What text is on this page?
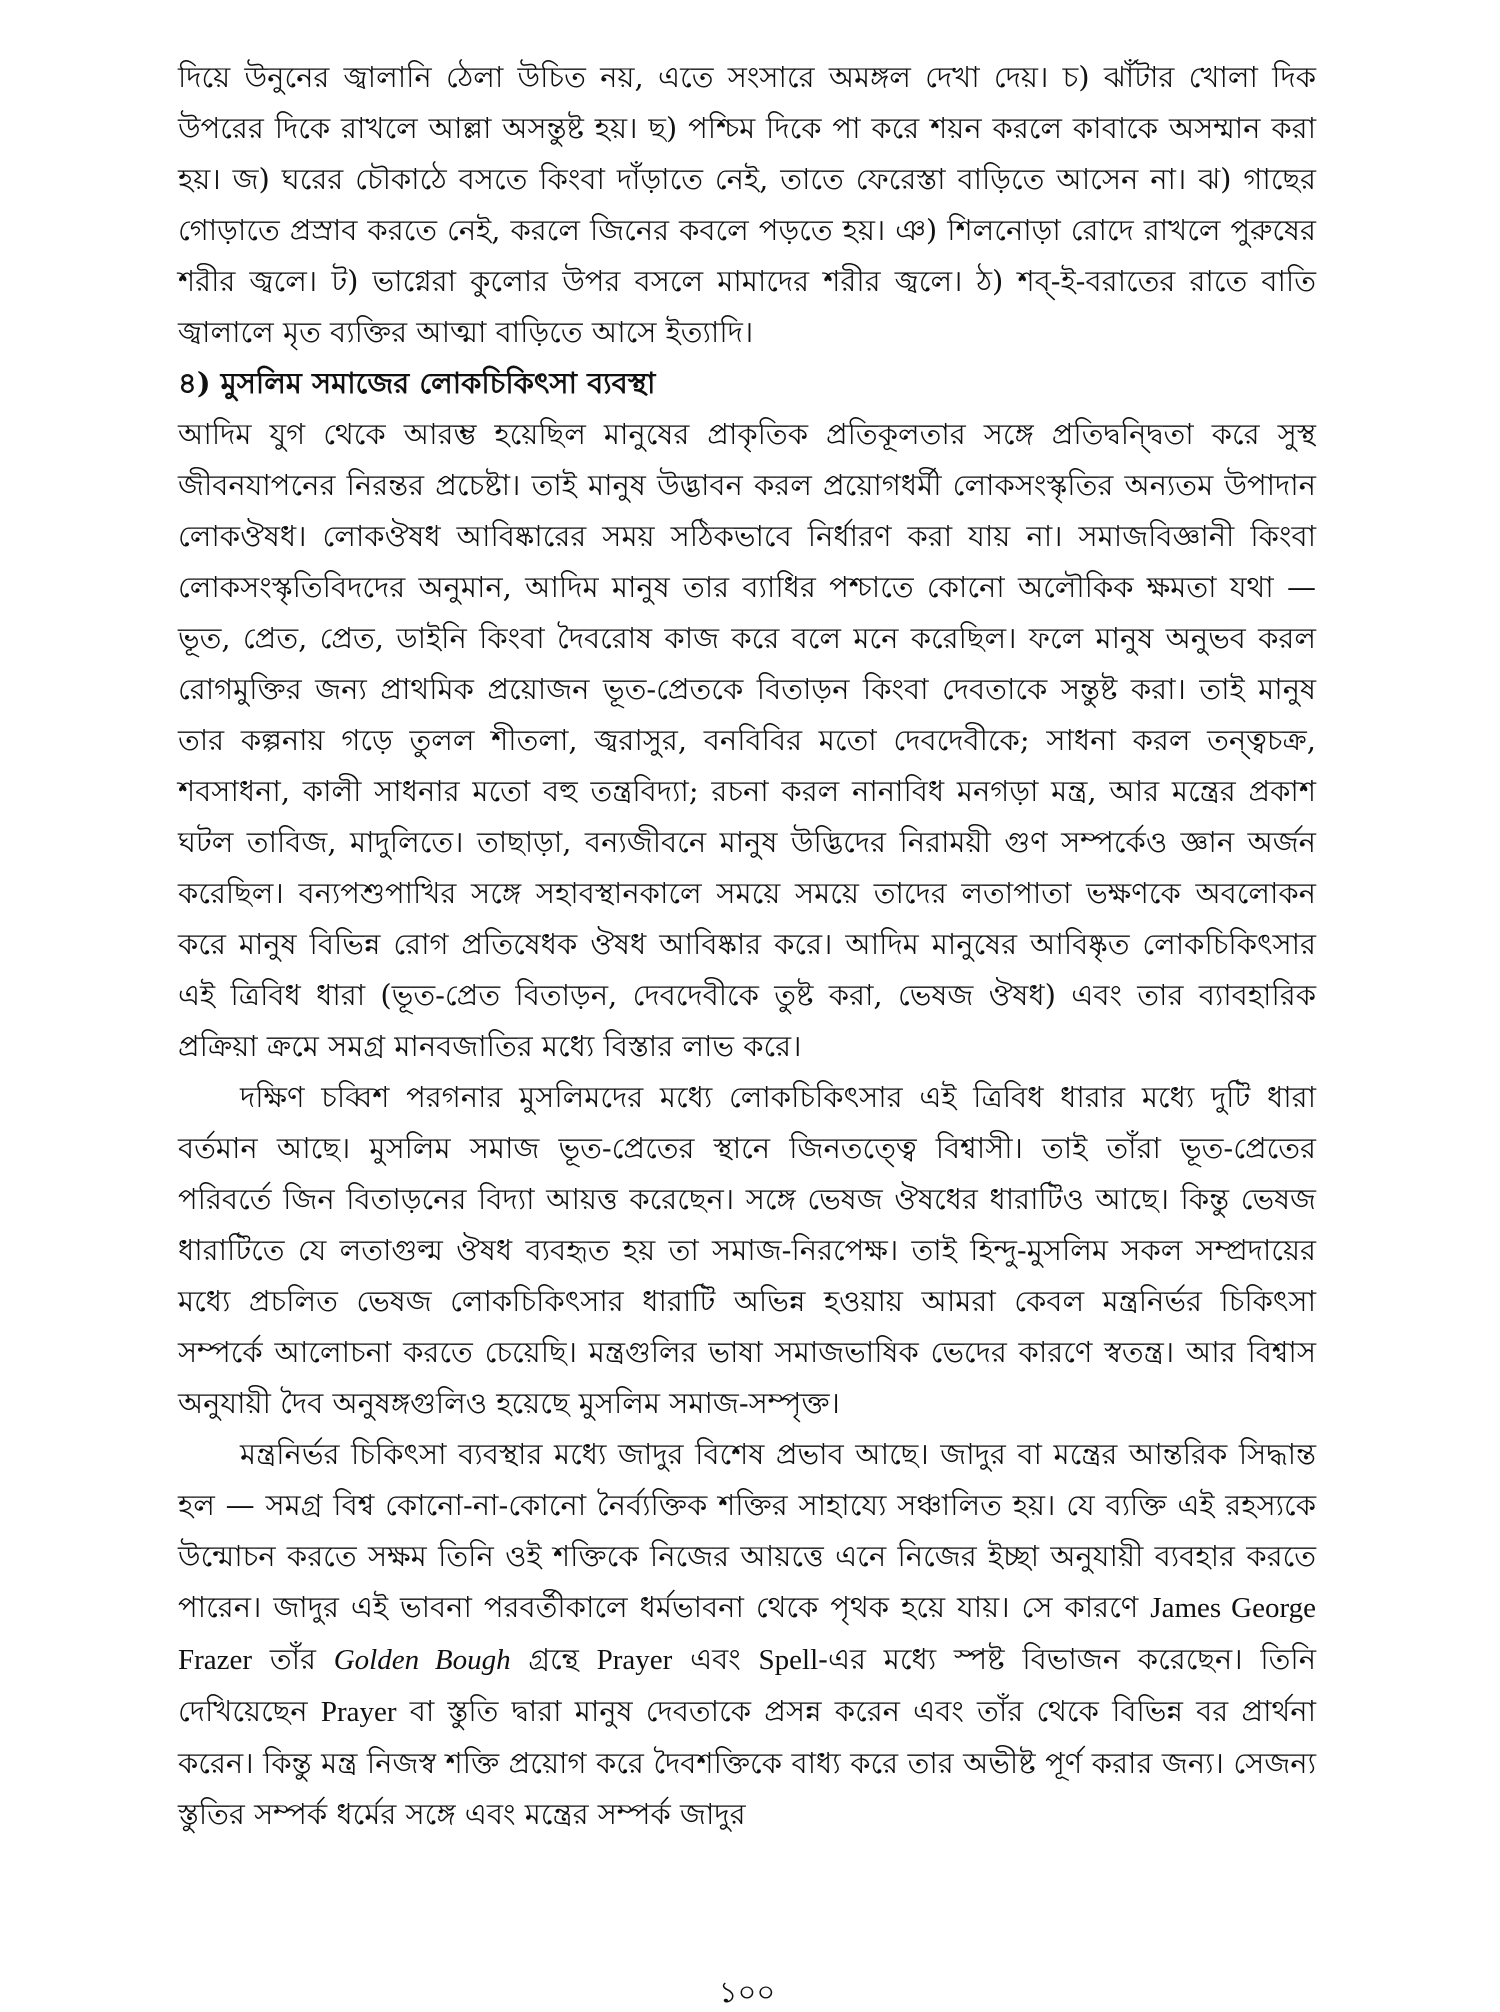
দিয়ে উনুনের জ্বালানি ঠেলা উচিত নয়, এতে সংসারে অমঙ্গল দেখা দেয়। চ) ঝাঁটার খোলা দিক উপরের দিকে রাখলে আল্লা অসন্তুষ্ট হয়। ছ) পশ্চিম দিকে পা করে শয়ন করলে কাবাকে অসম্মান করা হয়। জ) ঘরের চৌকাঠে বসতে কিংবা দাঁড়াতে নেই, তাতে ফেরেস্তা বাড়িতে আসেন না। ঝ) গাছের গোড়াতে প্রস্রাব করতে নেই, করলে জিনের কবলে পড়তে হয়। ঞ) শিলনোড়া রোদে রাখলে পুরুষের শরীর জ্বলে। ট) ভাগ্নেরা কুলোর উপর বসলে মামাদের শরীর জ্বলে। ঠ) শব্-ই-বরাতের রাতে বাতি জ্বালালে মৃত ব্যক্তির আত্মা বাড়িতে আসে ইত্যাদি।

৪) মুসলিম সমাজের লোকচিকিৎসা ব্যবস্থা

আদিম যুগ থেকে আরম্ভ হয়েছিল মানুষের প্রাকৃতিক প্রতিকূলতার সঙ্গে প্রতিদ্বন্দ্বিতা করে সুস্থ জীবনযাপনের নিরন্তর প্রচেষ্টা। তাই মানুষ উদ্ভাবন করল প্রয়োগধর্মী লোকসংস্কৃতির অন্যতম উপাদান লোকঔষধ। লোকঔষধ আবিষ্কারের সময় সঠিকভাবে নির্ধারণ করা যায় না। সমাজবিজ্ঞানী কিংবা লোকসংস্কৃতিবিদদের অনুমান, আদিম মানুষ তার ব্যাধির পশ্চাতে কোনো অলৌকিক ক্ষমতা যথা — ভূত, প্রেত, প্রেত, ডাইনি কিংবা দৈবরোষ কাজ করে বলে মনে করেছিল। ফলে মানুষ অনুভব করল রোগমুক্তির জন্য প্রাথমিক প্রয়োজন ভূত-প্রেতকে বিতাড়ন কিংবা দেবতাকে সন্তুষ্ট করা। তাই মানুষ তার কল্পনায় গড়ে তুলল শীতলা, জ্বরাসুর, বনবিবির মতো দেবদেবীকে; সাধনা করল তন্ত্বচক্র, শবসাধনা, কালী সাধনার মতো বহু তন্ত্রবিদ্যা; রচনা করল নানাবিধ মনগড়া মন্ত্র, আর মন্ত্রের প্রকাশ ঘটল তাবিজ, মাদুলিতে। তাছাড়া, বন্যজীবনে মানুষ উদ্ভিদের নিরাময়ী গুণ সম্পর্কেও জ্ঞান অর্জন করেছিল। বন্যপশুপাখির সঙ্গে সহাবস্থানকালে সময়ে সময়ে তাদের লতাপাতা ভক্ষণকে অবলোকন করে মানুষ বিভিন্ন রোগ প্রতিষেধক ঔষধ আবিষ্কার করে। আদিম মানুষের আবিষ্কৃত লোকচিকিৎসার এই ত্রিবিধ ধারা (ভূত-প্রেত বিতাড়ন, দেবদেবীকে তুষ্ট করা, ভেষজ ঔষধ) এবং তার ব্যাবহারিক প্রক্রিয়া ক্রমে সমগ্র মানবজাতির মধ্যে বিস্তার লাভ করে।

দক্ষিণ চব্বিশ পরগনার মুসলিমদের মধ্যে লোকচিকিৎসার এই ত্রিবিধ ধারার মধ্যে দুটি ধারা বর্তমান আছে। মুসলিম সমাজ ভূত-প্রেতের স্থানে জিনতত্ত্বে বিশ্বাসী। তাই তাঁরা ভূত-প্রেতের পরিবর্তে জিন বিতাড়নের বিদ্যা আয়ত্ত করেছেন। সঙ্গে ভেষজ ঔষধের ধারাটিও আছে। কিন্তু ভেষজ ধারাটিতে যে লতাগুল্ম ঔষধ ব্যবহৃত হয় তা সমাজ-নিরপেক্ষ। তাই হিন্দু-মুসলিম সকল সম্প্রদায়ের মধ্যে প্রচলিত ভেষজ লোকচিকিৎসার ধারাটি অভিন্ন হওয়ায় আমরা কেবল মন্ত্রনির্ভর চিকিৎসা সম্পর্কে আলোচনা করতে চেয়েছি। মন্ত্রগুলির ভাষা সমাজভাষিক ভেদের কারণে স্বতন্ত্র। আর বিশ্বাস অনুযায়ী দৈব অনুষঙ্গগুলিও হয়েছে মুসলিম সমাজ-সম্পৃক্ত।

মন্ত্রনির্ভর চিকিৎসা ব্যবস্থার মধ্যে জাদুর বিশেষ প্রভাব আছে। জাদুর বা মন্ত্রের আন্তরিক সিদ্ধান্ত হল — সমগ্র বিশ্ব কোনো-না-কোনো নৈর্ব্যক্তিক শক্তির সাহায্যে সঞ্চালিত হয়। যে ব্যক্তি এই রহস্যকে উন্মোচন করতে সক্ষম তিনি ওই শক্তিকে নিজের আয়ত্তে এনে নিজের ইচ্ছা অনুযায়ী ব্যবহার করতে পারেন। জাদুর এই ভাবনা পরবর্তীকালে ধর্মভাবনা থেকে পৃথক হয়ে যায়। সে কারণে James George Frazer তাঁর Golden Bough গ্রন্থে Prayer এবং Spell-এর মধ্যে স্পষ্ট বিভাজন করেছেন। তিনি দেখিয়েছেন Prayer বা স্তুতি দ্বারা মানুষ দেবতাকে প্রসন্ন করেন এবং তাঁর থেকে বিভিন্ন বর প্রার্থনা করেন। কিন্তু মন্ত্র নিজস্ব শক্তি প্রয়োগ করে দৈবশক্তিকে বাধ্য করে তার অভীষ্ট পূর্ণ করার জন্য। সেজন্য স্তুতির সম্পর্ক ধর্মের সঙ্গে এবং মন্ত্রের সম্পর্ক জাদুর

১০০
